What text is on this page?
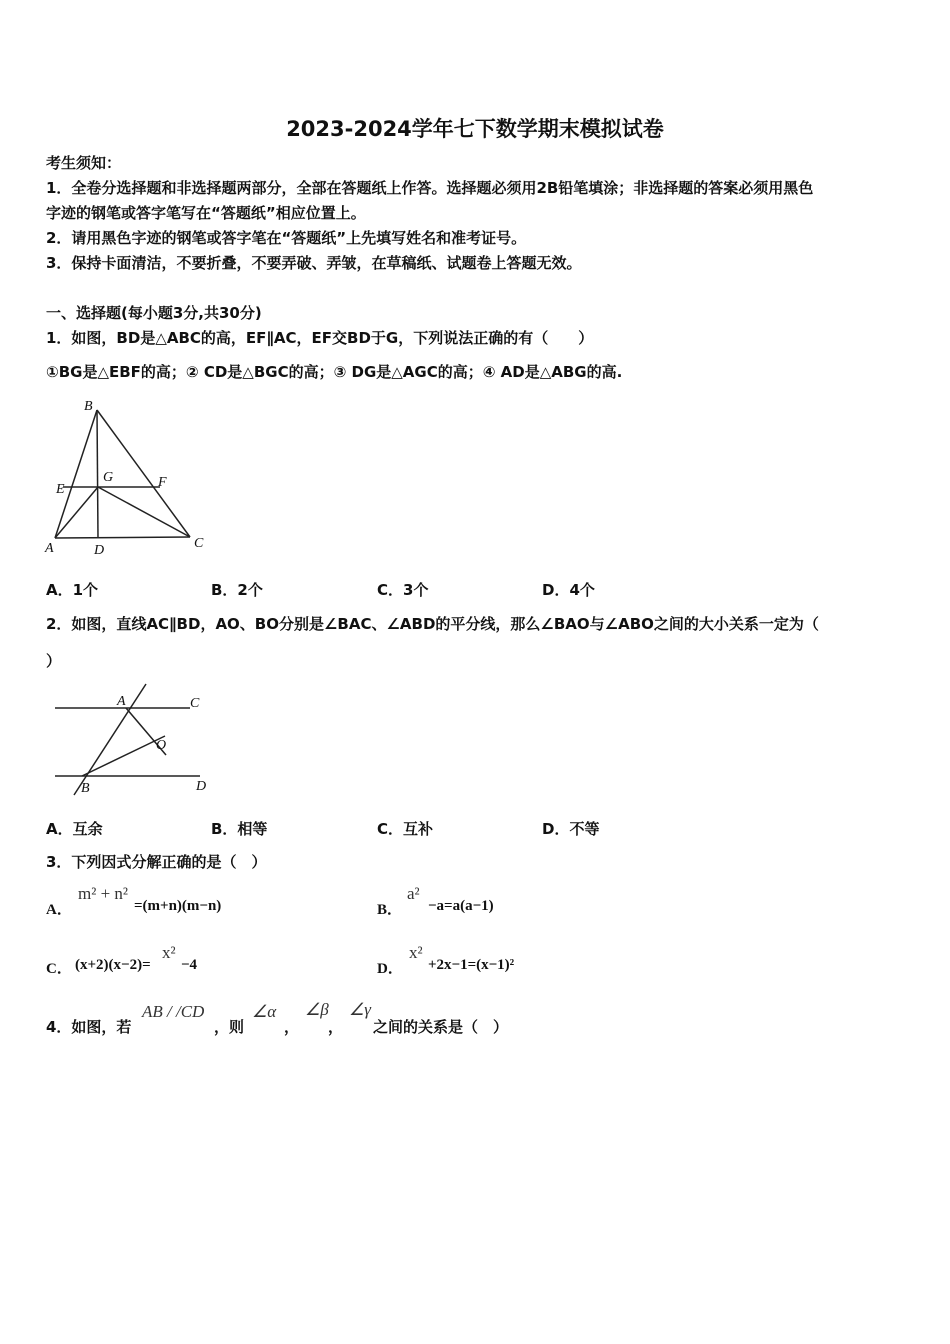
2023-2024学年七下数学期末模拟试卷
考生须知：
1．全卷分选择题和非选择题两部分，全部在答题纸上作答。选择题必须用2B铅笔填涂；非选择题的答案必须用黑色
字迹的钢笔或答字笔写在“答题纸”相应位置上。
2．请用黑色字迹的钢笔或答字笔在“答题纸”上先填写姓名和准考证号。
3．保持卡面清洁，不要折叠，不要弄破、弄皱，在草稿纸、试题卷上答题无效。
一、选择题(每小题3分,共30分)
1．如图，BD是△ABC的高，EF∥AC，EF交BD于G，下列说法正确的有（　　）
①BG是△EBF的高；② CD是△BGC的高；③ DG是△AGC的高；④ AD是△ABG的高.
B
E
G	F
A	D	C
A．1个	B．2个	C．3个	D．4个
2．如图，直线AC∥BD，AO、BO分别是∠BAC、∠ABD的平分线，那么∠BAO与∠ABO之间的大小关系一定为（
）
A	C
O
B	D
A．互余	B．相等	C．互补	D．不等
3．下列因式分解正确的是（　）
A．
m² + n²
=(m+n)(m−n)	B．
a²
−a=a(a−1)
C． (x+2)(x−2)=
x²
−4	D．
x²
+2x−1=(x−1)²
4．如图，若
AB / /CD
，则
∠α
，
∠β
，
∠γ
之间的关系是（　）
